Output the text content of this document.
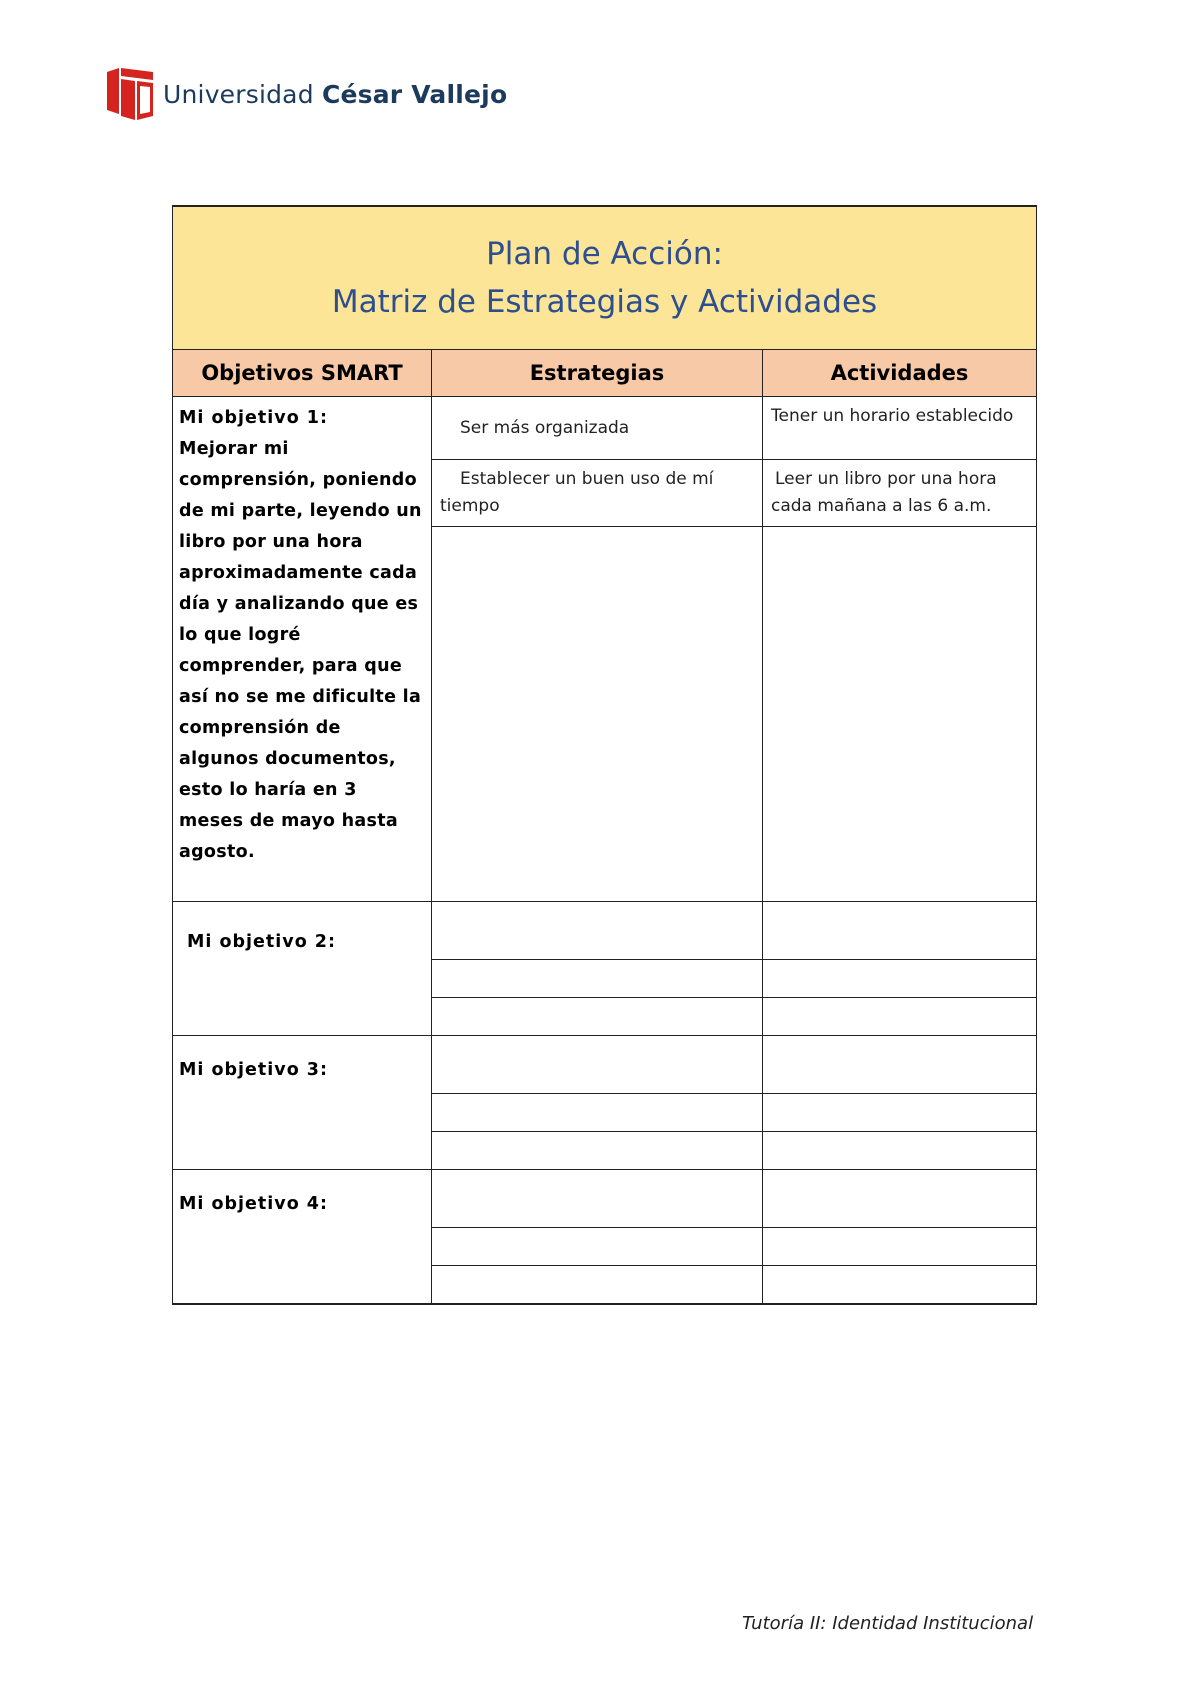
Universidad César Vallejo
Plan de Acción:
Matriz de Estrategias y Actividades		

Objetivos SMART	Estrategias	Actividades

Mi objetivo 1:
Mejorar mi comprensión, poniendo de mi parte, leyendo un libro por una hora aproximadamente cada día y analizando que es lo que logré comprender, para que así no se me dificulte la comprensión de algunos documentos, esto lo haría en 3 meses de mayo hasta agosto.	Ser más organizada	Tener un horario establecido
	Establecer un buen uso de mí tiempo	Leer un libro por una hora cada mañana a las 6 a.m.

Mi objetivo 2:		

Mi objetivo 3:		

Mi objetivo 4:		

Tutoría II: Identidad Institucional
